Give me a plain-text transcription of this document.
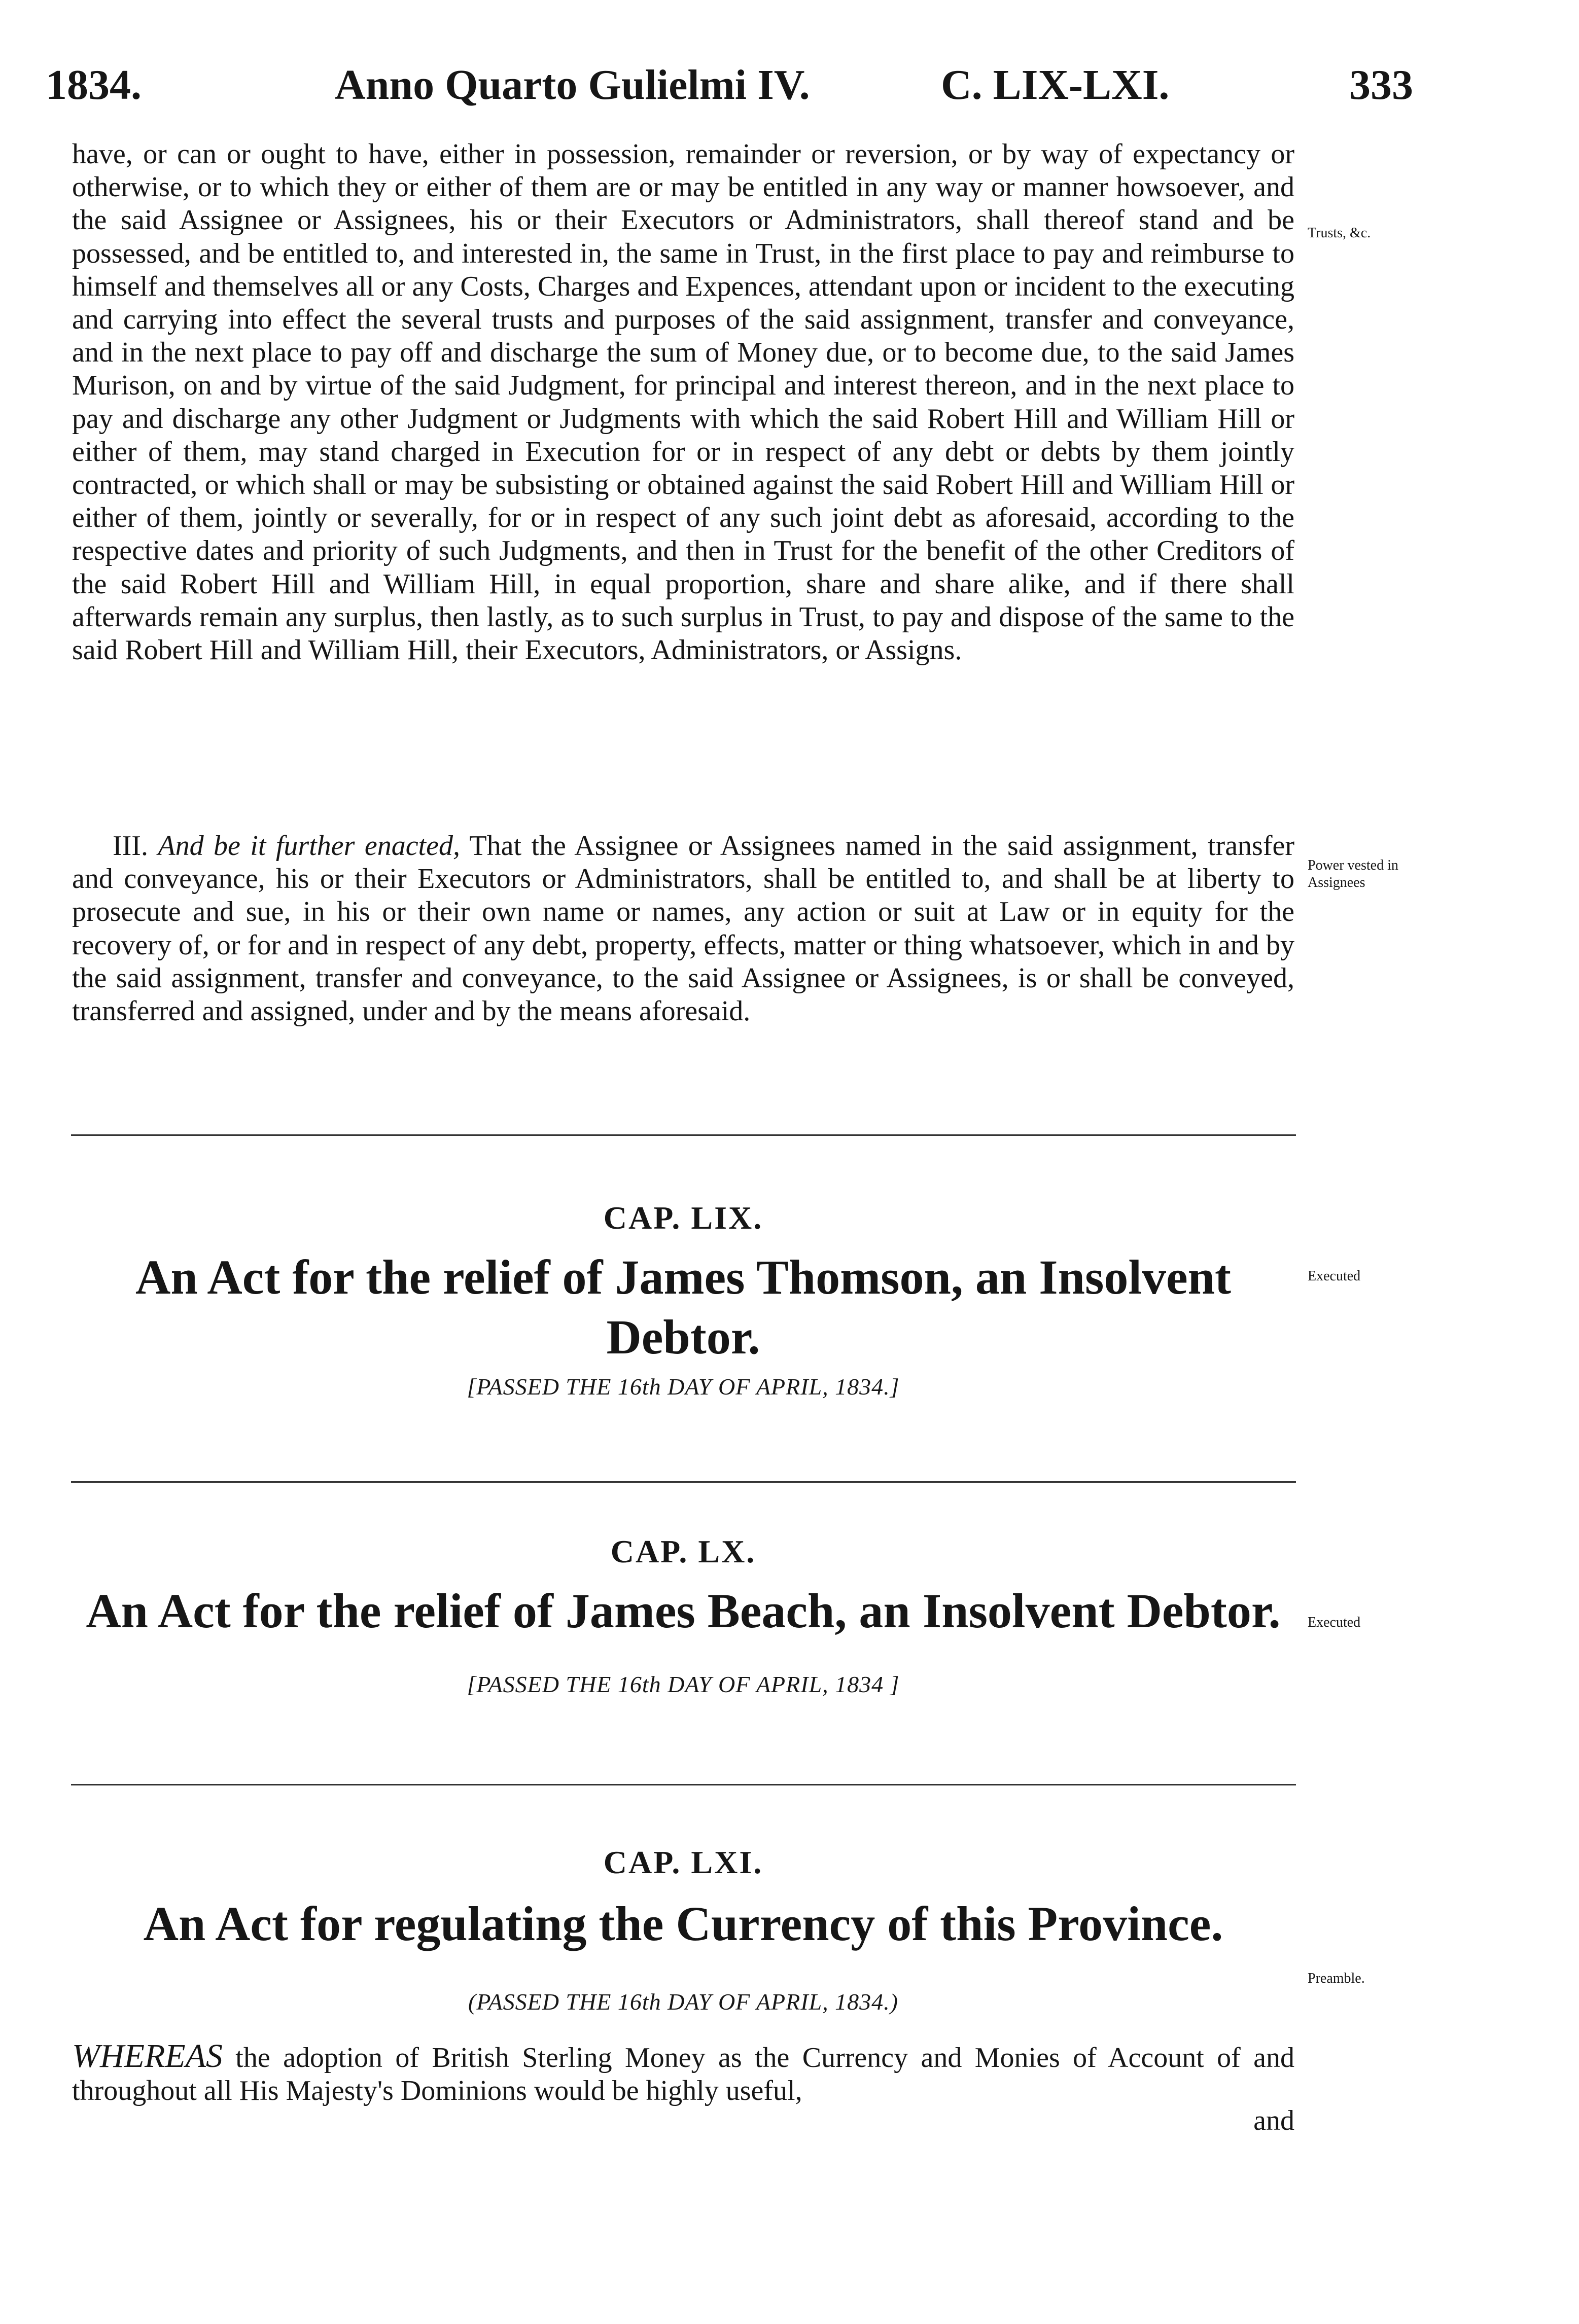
1834.	Anno Quarto Gulielmi IV.	C. LIX-LXI.	333

have, or can or ought to have, either in possession, remainder or reversion, or by way of expectancy or otherwise, or to which they or either of them are or may be entitled in any way or manner howsoever, and the said Assignee or Assignees, his or their Executors or Administrators, shall thereof stand and be possessed, and be entitled to, and interested in, the same in Trust, in the first place to pay and reimburse to himself and themselves all or any Costs, Charges and Expences, attendant upon or incident to the executing and carrying into effect the several trusts and purposes of the said assignment, transfer and conveyance, and in the next place to pay off and discharge the sum of Money due, or to become due, to the said James Murison, on and by virtue of the said Judgment, for principal and interest thereon, and in the next place to pay and discharge any other Judgment or Judgments with which the said Robert Hill and William Hill or either of them, may stand charged in Execution for or in respect of any debt or debts by them jointly contracted, or which shall or may be subsisting or obtained against the said Robert Hill and William Hill or either of them, jointly or severally, for or in respect of any such joint debt as aforesaid, according to the respective dates and priority of such Judgments, and then in Trust for the benefit of the other Creditors of the said Robert Hill and William Hill, in equal proportion, share and share alike, and if there shall afterwards remain any surplus, then lastly, as to such surplus in Trust, to pay and dispose of the same to the said Robert Hill and William Hill, their Executors, Administrators, or Assigns.

III. And be it further enacted, That the Assignee or Assignees named in the said assignment, transfer and conveyance, his or their Executors or Administrators, shall be entitled to, and shall be at liberty to prosecute and sue, in his or their own name or names, any action or suit at Law or in equity for the recovery of, or for and in respect of any debt, property, effects, matter or thing whatsoever, which in and by the said assignment, transfer and conveyance, to the said Assignee or Assignees, is or shall be conveyed, transferred and assigned, under and by the means aforesaid.

Trusts, &c.
Power vested in Assignees
Executed
Executed
Preamble.
CAP. LIX.
An Act for the relief of James Thomson, an Insolvent Debtor.
[PASSED THE 16th DAY OF APRIL, 1834.]
CAP. LX.
An Act for the relief of James Beach, an Insolvent Debtor.
[PASSED THE 16th DAY OF APRIL, 1834 ]
CAP. LXI.
An Act for regulating the Currency of this Province.
(PASSED THE 16th DAY OF APRIL, 1834.)

WHEREAS the adoption of British Sterling Money as the Currency and Monies of Account of and throughout all His Majesty's Dominions would be highly useful,

and
